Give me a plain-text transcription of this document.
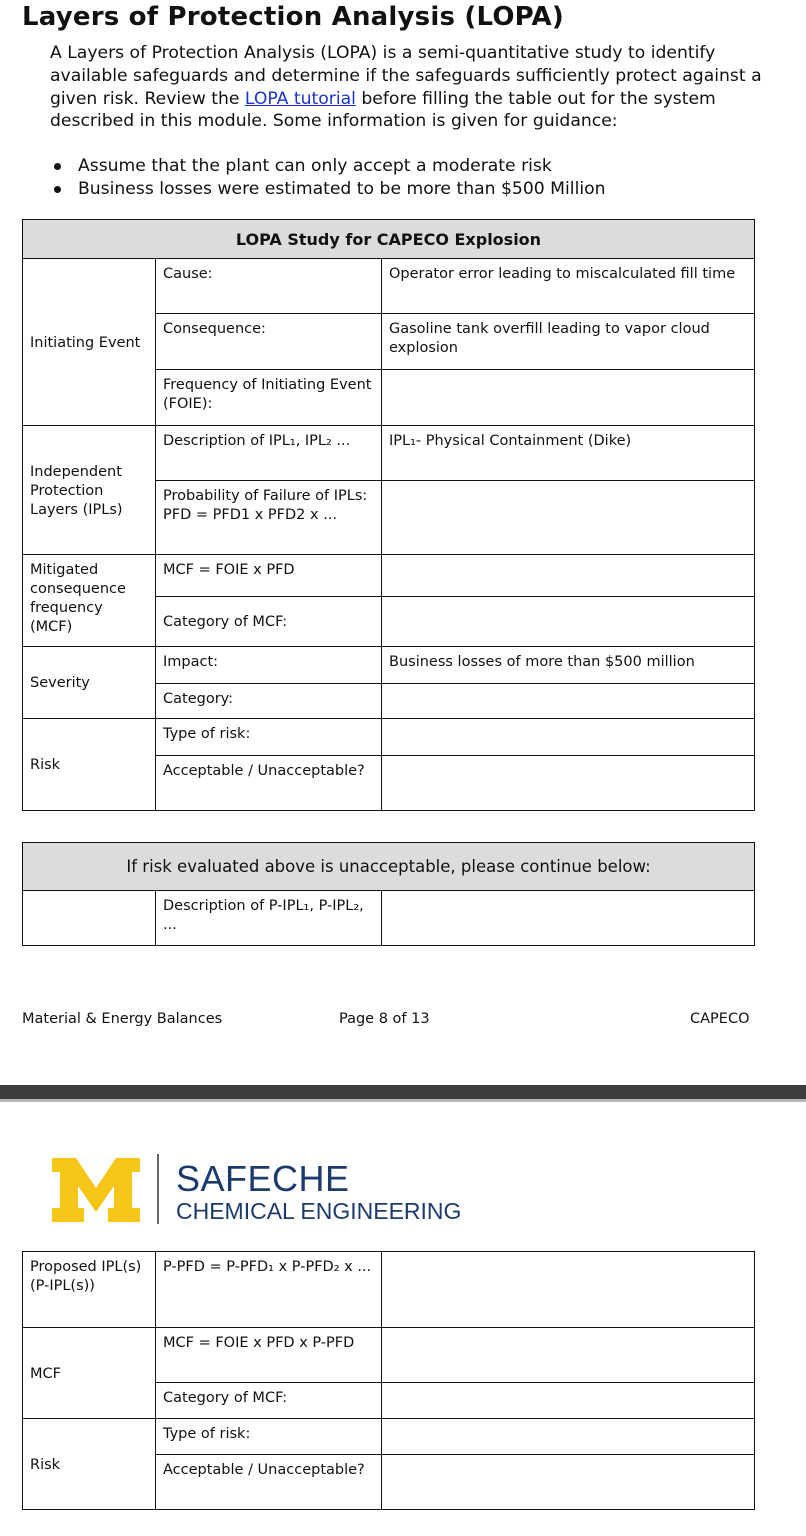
Layers of Protection Analysis (LOPA)
A Layers of Protection Analysis (LOPA) is a semi-quantitative study to identify available safeguards and determine if the safeguards sufficiently protect against a given risk. Review the LOPA tutorial before filling the table out for the system described in this module. Some information is given for guidance:
Assume that the plant can only accept a moderate risk
Business losses were estimated to be more than $500 Million
LOPA Study for CAPECO Explosion		
Initiating Event	Cause:	Operator error leading to miscalculated fill time
	Consequence:	Gasoline tank overfill leading to vapor cloud explosion
	Frequency of Initiating Event (FOIE):	
Independent Protection Layers (IPLs)	Description of IPL₁, IPL₂ ...	IPL₁- Physical Containment (Dike)

	Probability of Failure of IPLs:
PFD = PFD1 x PFD2 x ...	

Mitigated consequence frequency (MCF)	MCF = FOIE x PFD	
	Category of MCF:	
Severity	Impact:	Business losses of more than $500 million
	Category:	
Risk	Type of risk:	
	Acceptable / Unacceptable?	
If risk evaluated above is unacceptable, please continue below:
	Description of P-IPL₁, P-IPL₂, ...	
Material & Energy Balances	Page 8 of 13	CAPECO
SAFECHE
CHEMICAL ENGINEERING
Proposed IPL(s) (P-IPL(s))	P-PFD = P-PFD₁ x P-PFD₂ x ...	
MCF	MCF = FOIE x PFD x P-PFD	
	Category of MCF:	
Risk	Type of risk:	
	Acceptable / Unacceptable?	
